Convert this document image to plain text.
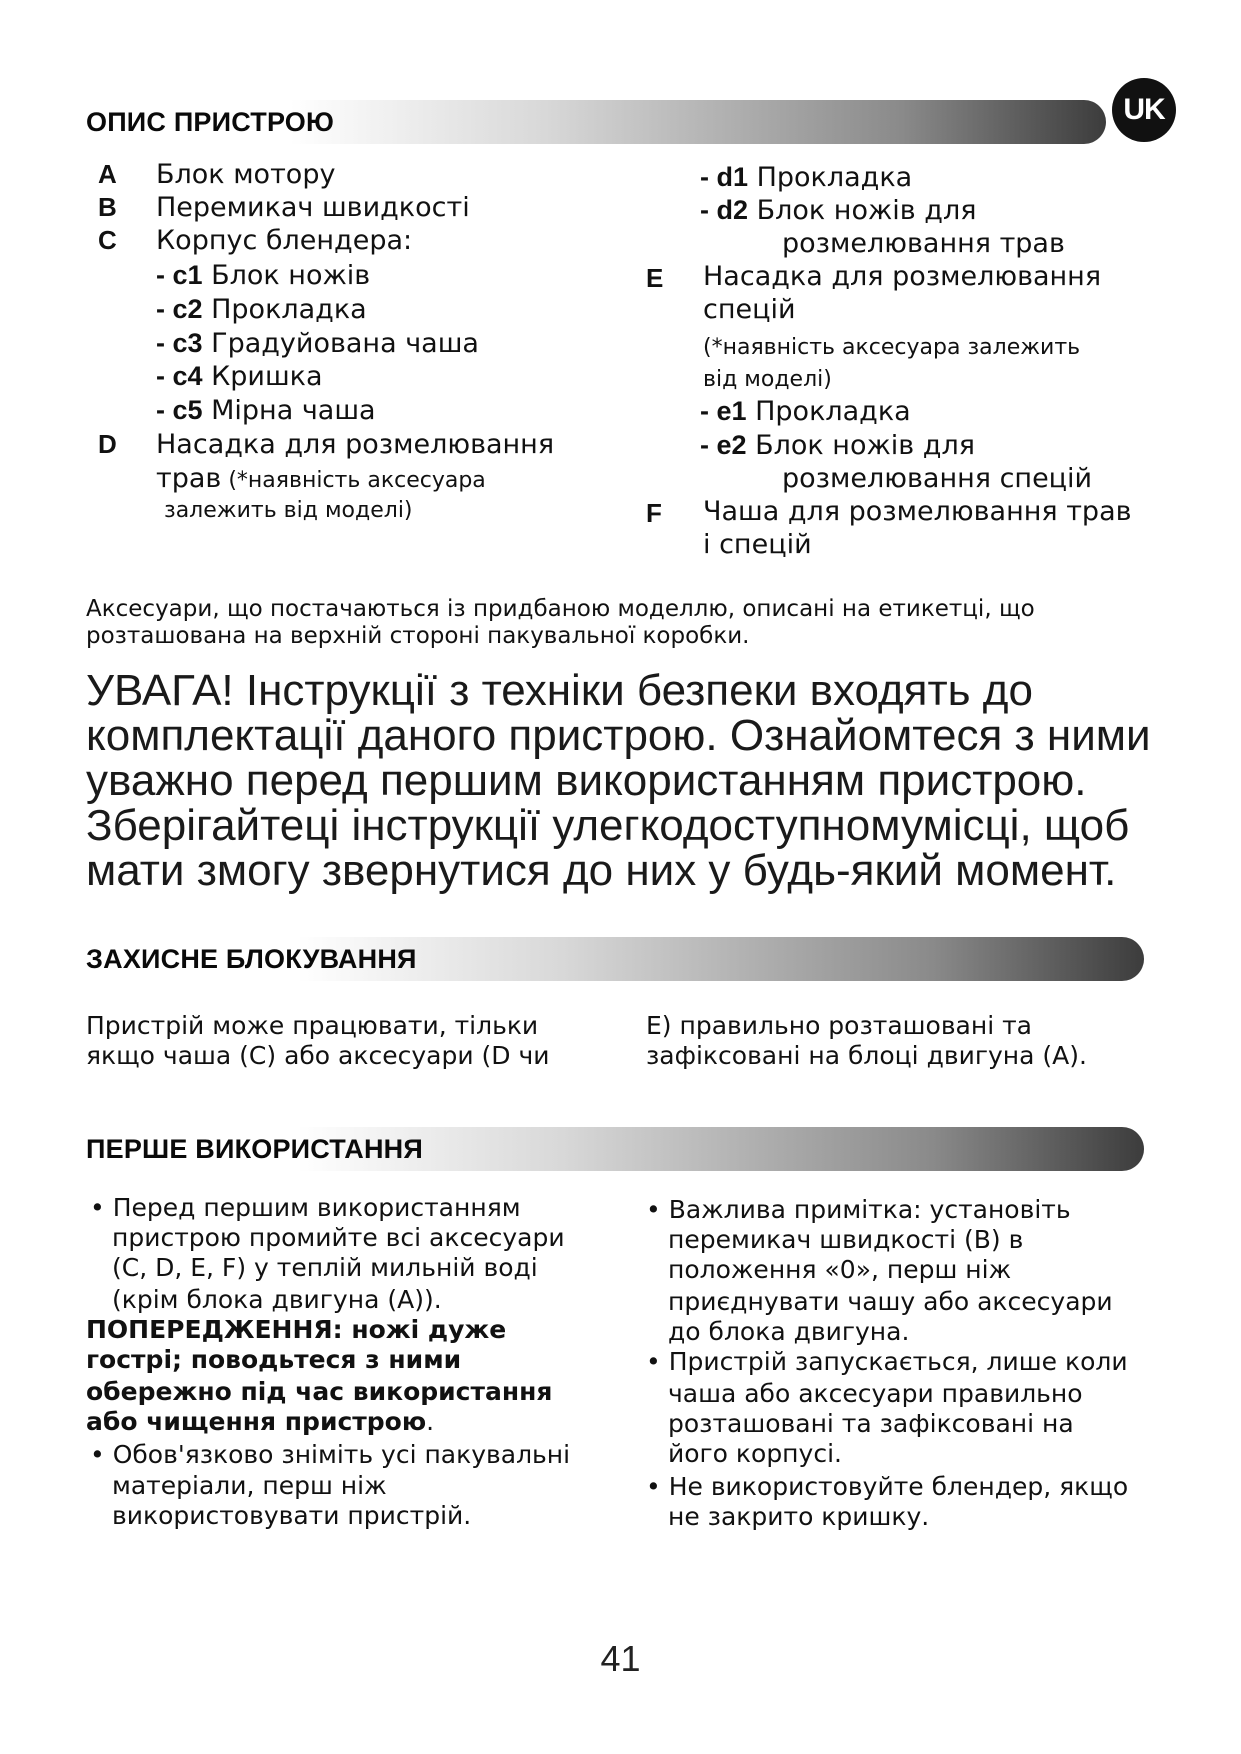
UK
ОПИС ПРИСТРОЮ
A Блок мотору
B Перемикач швидкості
C Корпус блендера:
- c1 Блок ножів
- c2 Прокладка
- c3 Градуйована чаша
- c4 Кришка
- c5 Мірна чаша
D Насадка для розмелювання
трав (*наявність аксесуара
залежить від моделі)
- d1 Прокладка
- d2 Блок ножів для
розмелювання трав
E Насадка для розмелювання
спецій
(*наявність аксесуара залежить
від моделі)
- e1 Прокладка
- e2 Блок ножів для
розмелювання спецій
F Чаша для розмелювання трав
і спецій
Аксесуари, що постачаються із придбаною моделлю, описані на етикетці, що
розташована на верхній стороні пакувальної коробки.
УВАГА! Інструкції з техніки безпеки входять до
комплектації даного пристрою. Ознайомтеся з ними
уважно перед першим використанням пристрою.
Зберігайтеці інструкції улегкодоступномумісці, щоб
мати змогу звернутися до них у будь-який момент.
ЗАХИСНЕ БЛОКУВАННЯ
Пристрій може працювати, тільки
якщо чаша (C) або аксесуари (D чи
E) правильно розташовані та
зафіксовані на блоці двигуна (A).
ПЕРШЕ ВИКОРИСТАННЯ
• Перед першим використанням
пристрою промийте всі аксесуари
(C, D, E, F) у теплій мильній воді
(крім блока двигуна (A)).
ПОПЕРЕДЖЕННЯ: ножі дуже
гострі; поводьтеся з ними
обережно під час використання
або чищення пристрою.
• Обов'язково зніміть усі пакувальні
матеріали, перш ніж
використовувати пристрій.
• Важлива примітка: установіть
перемикач швидкості (B) в
положення «0», перш ніж
приєднувати чашу або аксесуари
до блока двигуна.
• Пристрій запускається, лише коли
чаша або аксесуари правильно
розташовані та зафіксовані на
його корпусі.
• Не використовуйте блендер, якщо
не закрито кришку.
41
